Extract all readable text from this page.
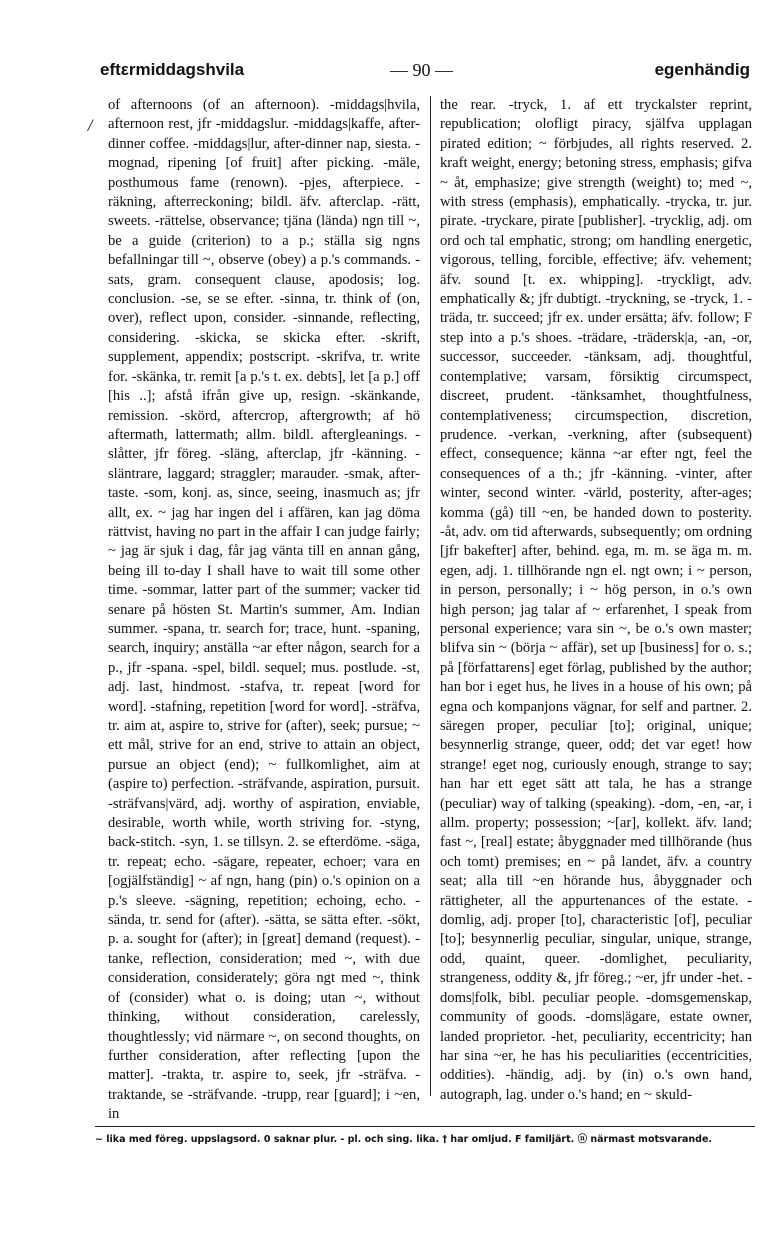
eftεrmiddagshvila	— 90 —	egenhändig
/

of afternoons (of an afternoon). -middags|hvila, afternoon rest, jfr -middagslur. -middags|kaffe, after-dinner coffee. -middags|lur, after-dinner nap, siesta. -mognad, ripening [of fruit] after picking. -mäle, posthumous fame (renown). -pjes, afterpiece. -räkning, afterreckoning; bildl. äfv. afterclap. -rätt, sweets. -rättelse, observance; tjäna (lända) ngn till ~, be a guide (criterion) to a p.; ställa sig ngns befallningar till ~, observe (obey) a p.'s commands. -sats, gram. consequent clause, apodosis; log. conclusion. -se, se se efter. -sinna, tr. think of (on, over), reflect upon, consider. -sinnande, reflecting, considering. -skicka, se skicka efter. -skrift, supplement, appendix; postscript. -skrifva, tr. write for. -skänka, tr. remit [a p.'s t. ex. debts], let [a p.] off [his ..]; afstå ifrån give up, resign. -skänkande, remission. -skörd, aftercrop, aftergrowth; af hö aftermath, lattermath; allm. bildl. aftergleanings. -slåtter, jfr föreg. -släng, afterclap, jfr -känning. -släntrare, laggard; straggler; marauder. -smak, after-taste. -som, konj. as, since, seeing, inasmuch as; jfr allt, ex. ~ jag har ingen del i affären, kan jag döma rättvist, having no part in the affair I can judge fairly; ~ jag är sjuk i dag, får jag vänta till en annan gång, being ill to-day I shall have to wait till some other time. -sommar, latter part of the summer; vacker tid senare på hösten St. Martin's summer, Am. Indian summer. -spana, tr. search for; trace, hunt. -spaning, search, inquiry; anställa ~ar efter någon, search for a p., jfr -spana. -spel, bildl. sequel; mus. postlude. -st, adj. last, hindmost. -stafva, tr. repeat [word for word]. -stafning, repetition [word for word]. -sträfva, tr. aim at, aspire to, strive for (after), seek; pursue; ~ ett mål, strive for an end, strive to attain an object, pursue an object (end); ~ fullkomlighet, aim at (aspire to) perfection. -sträfvande, aspiration, pursuit. -sträfvans|värd, adj. worthy of aspiration, enviable, desirable, worth while, worth striving for. -styng, back-stitch. -syn, 1. se tillsyn. 2. se efterdöme. -säga, tr. repeat; echo. -sägare, repeater, echoer; vara en [ogjälfständig] ~ af ngn, hang (pin) o.'s opinion on a p.'s sleeve. -sägning, repetition; echoing, echo. -sända, tr. send for (after). -sätta, se sätta efter. -sökt, p. a. sought for (after); in [great] demand (request). -tanke, reflection, consideration; med ~, with due consideration, considerately; göra ngt med ~, think of (consider) what o. is doing; utan ~, without thinking, without consideration, carelessly, thoughtlessly; vid närmare ~, on second thoughts, on further consideration, after reflecting [upon the matter]. -trakta, tr. aspire to, seek, jfr -sträfva. -traktande, se -sträfvande. -trupp, rear [guard]; i ~en, in

the rear. -tryck, 1. af ett tryckalster reprint, republication; olofligt piracy, själfva upplagan pirated edition; ~ förbjudes, all rights reserved. 2. kraft weight, energy; betoning stress, emphasis; gifva ~ åt, emphasize; give strength (weight) to; med ~, with stress (emphasis), emphatically. -trycka, tr. jur. pirate. -tryckare, pirate [publisher]. -trycklig, adj. om ord och tal emphatic, strong; om handling energetic, vigorous, telling, forcible, effective; äfv. vehement; äfv. sound [t. ex. whipping]. -tryckligt, adv. emphatically &; jfr dubtigt. -tryckning, se -tryck, 1. -träda, tr. succeed; jfr ex. under ersätta; äfv. follow; F step into a p.'s shoes. -trädare, -trädersk|a, -an, -or, successor, succeeder. -tänksam, adj. thoughtful, contemplative; varsam, försiktig circumspect, discreet, prudent. -tänksamhet, thoughtfulness, contemplativeness; circumspection, discretion, prudence. -verkan, -verkning, after (subsequent) effect, consequence; känna ~ar efter ngt, feel the consequences of a th.; jfr -känning. -vinter, after winter, second winter. -värld, posterity, after-ages; komma (gå) till ~en, be handed down to posterity. -åt, adv. om tid afterwards, subsequently; om ordning [jfr bakefter] after, behind. ega, m. m. se äga m. m. egen, adj. 1. tillhörande ngn el. ngt own; i ~ person, in person, personally; i ~ hög person, in o.'s own high person; jag talar af ~ erfarenhet, I speak from personal experience; vara sin ~, be o.'s own master; blifva sin ~ (börja ~ affär), set up [business] for o. s.; på [författarens] eget förlag, published by the author; han bor i eget hus, he lives in a house of his own; på egna och kompanjons vägnar, for self and partner. 2. säregen proper, peculiar [to]; original, unique; besynnerlig strange, queer, odd; det var eget! how strange! eget nog, curiously enough, strange to say; han har ett eget sätt att tala, he has a strange (peculiar) way of talking (speaking). -dom, -en, -ar, i allm. property; possession; ~[ar], kollekt. äfv. land; fast ~, [real] estate; åbyggnader med tillhörande (hus och tomt) premises; en ~ på landet, äfv. a country seat; alla till ~en hörande hus, åbyggnader och rättigheter, all the appurtenances of the estate. -domlig, adj. proper [to], characteristic [of], peculiar [to]; besynnerlig peculiar, singular, unique, strange, odd, quaint, queer. -domlighet, peculiarity, strangeness, oddity &, jfr föreg.; ~er, jfr under -het. -doms|folk, bibl. peculiar people. -domsgemenskap, community of goods. -doms|ägare, estate owner, landed proprietor. -het, peculiarity, eccentricity; han har sina ~er, he has his peculiarities (eccentricities, oddities). -händig, adj. by (in) o.'s own hand, autograph, lag. under o.'s hand; en ~ skuld-

~ lika med föreg. uppslagsord. 0 saknar plur. - pl. och sing. lika. † har omljud. F familjärt. ⓝ närmast motsvarande.
